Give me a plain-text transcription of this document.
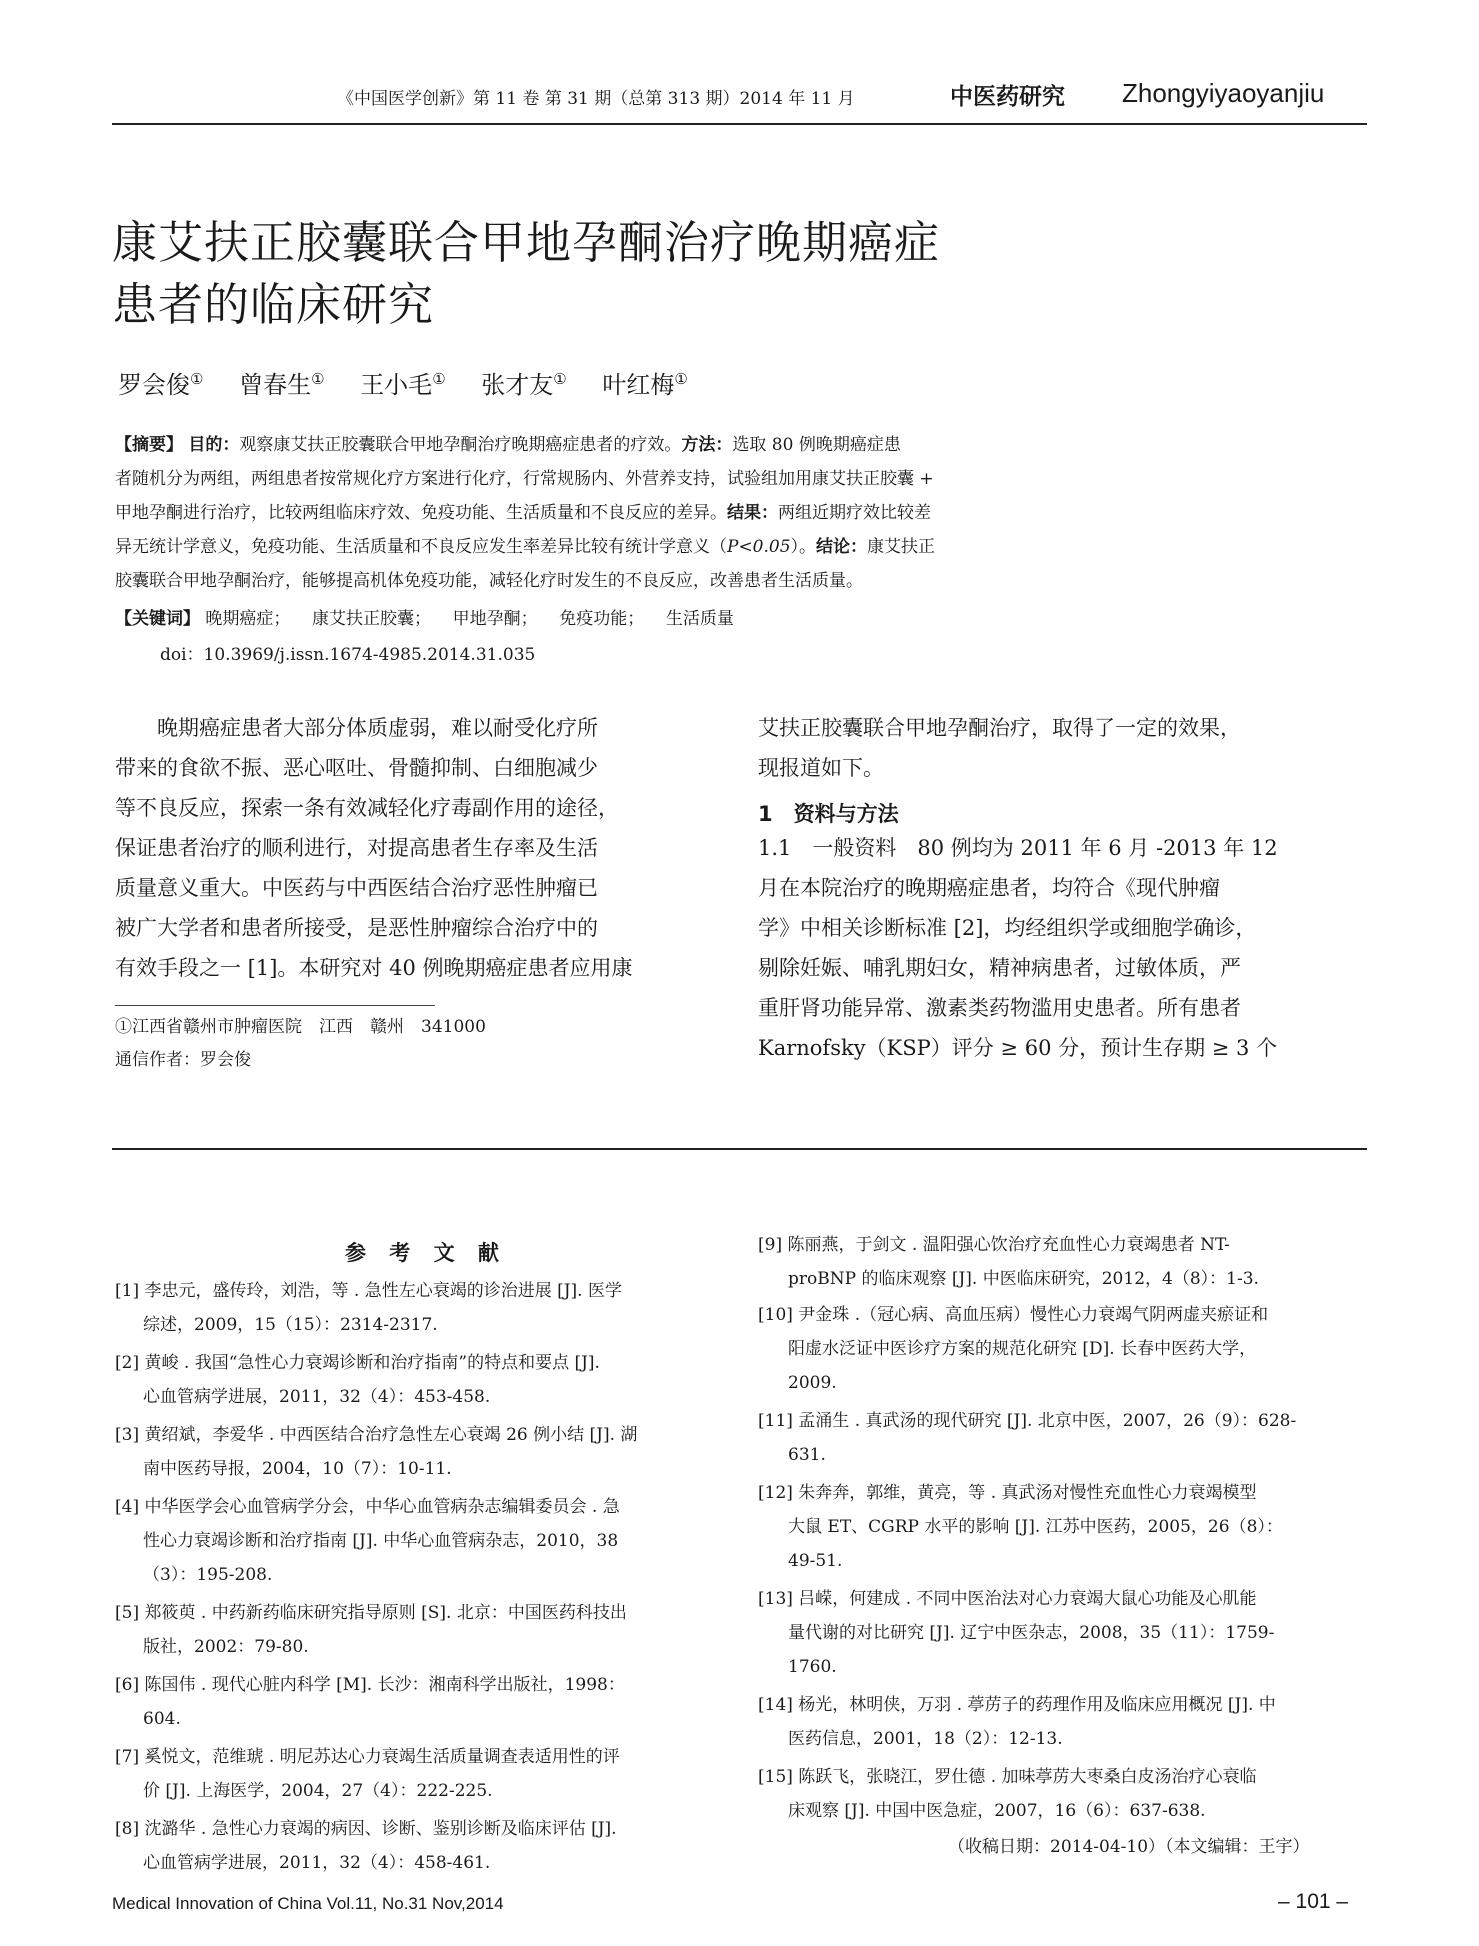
《中国医学创新》第 11 卷 第 31 期（总第 313 期）2014 年 11 月	中医药研究 Zhongyiyaoyanjiu
康艾扶正胶囊联合甲地孕酮治疗晚期癌症
患者的临床研究
罗会俊① 曾春生① 王小毛① 张才友① 叶红梅①
【摘要】 目的：观察康艾扶正胶囊联合甲地孕酮治疗晚期癌症患者的疗效。方法：选取 80 例晚期癌症患
者随机分为两组，两组患者按常规化疗方案进行化疗，行常规肠内、外营养支持，试验组加用康艾扶正胶囊 +
甲地孕酮进行治疗，比较两组临床疗效、免疫功能、生活质量和不良反应的差异。结果：两组近期疗效比较差
异无统计学意义，免疫功能、生活质量和不良反应发生率差异比较有统计学意义（P<0.05）。结论：康艾扶正
胶囊联合甲地孕酮治疗，能够提高机体免疫功能，减轻化疗时发生的不良反应，改善患者生活质量。
【关键词】 晚期癌症； 康艾扶正胶囊； 甲地孕酮； 免疫功能； 生活质量
doi：10.3969/j.issn.1674-4985.2014.31.035
　　晚期癌症患者大部分体质虚弱，难以耐受化疗所
带来的食欲不振、恶心呕吐、骨髓抑制、白细胞减少
等不良反应，探索一条有效减轻化疗毒副作用的途径，
保证患者治疗的顺利进行，对提高患者生存率及生活
质量意义重大。中医药与中西医结合治疗恶性肿瘤已
被广大学者和患者所接受，是恶性肿瘤综合治疗中的
有效手段之一 [1]。本研究对 40 例晚期癌症患者应用康
①江西省赣州市肿瘤医院　江西　赣州　341000
通信作者：罗会俊
艾扶正胶囊联合甲地孕酮治疗，取得了一定的效果，
现报道如下。
1　资料与方法
1.1　一般资料　80 例均为 2011 年 6 月 -2013 年 12
月在本院治疗的晚期癌症患者，均符合《现代肿瘤
学》中相关诊断标准 [2]，均经组织学或细胞学确诊，
剔除妊娠、哺乳期妇女，精神病患者，过敏体质，严
重肝肾功能异常、激素类药物滥用史患者。所有患者
Karnofsky（KSP）评分 ≥ 60 分，预计生存期 ≥ 3 个
参 考 文 献
[1] 李忠元，盛传玲，刘浩，等 . 急性左心衰竭的诊治进展 [J]. 医学
综述，2009，15（15）：2314-2317.
[2] 黄峻 . 我国“急性心力衰竭诊断和治疗指南”的特点和要点 [J].
心血管病学进展，2011，32（4）：453-458.
[3] 黄绍斌，李爱华 . 中西医结合治疗急性左心衰竭 26 例小结 [J]. 湖
南中医药导报，2004，10（7）：10-11.
[4] 中华医学会心血管病学分会，中华心血管病杂志编辑委员会 . 急
性心力衰竭诊断和治疗指南 [J]. 中华心血管病杂志，2010，38
（3）：195-208.
[5] 郑筱萸 . 中药新药临床研究指导原则 [S]. 北京：中国医药科技出
版社，2002：79-80.
[6] 陈国伟 . 现代心脏内科学 [M]. 长沙：湘南科学出版社，1998：
604.
[7] 奚悦文，范维琥 . 明尼苏达心力衰竭生活质量调查表适用性的评
价 [J]. 上海医学，2004，27（4）：222-225.
[8] 沈潞华 . 急性心力衰竭的病因、诊断、鉴别诊断及临床评估 [J].
心血管病学进展，2011，32（4）：458-461.
[9] 陈丽燕，于剑文 . 温阳强心饮治疗充血性心力衰竭患者 NT-
proBNP 的临床观察 [J]. 中医临床研究，2012，4（8）：1-3.
[10] 尹金珠 .（冠心病、高血压病）慢性心力衰竭气阴两虚夹瘀证和
阳虚水泛证中医诊疗方案的规范化研究 [D]. 长春中医药大学，
2009.
[11] 孟涌生 . 真武汤的现代研究 [J]. 北京中医，2007，26（9）：628-
631.
[12] 朱奔奔，郭维，黄亮，等 . 真武汤对慢性充血性心力衰竭模型
大鼠 ET、CGRP 水平的影响 [J]. 江苏中医药，2005，26（8）：
49-51.
[13] 吕嵘，何建成 . 不同中医治法对心力衰竭大鼠心功能及心肌能
量代谢的对比研究 [J]. 辽宁中医杂志，2008，35（11）：1759-
1760.
[14] 杨光，林明侠，万羽 . 葶苈子的药理作用及临床应用概况 [J]. 中
医药信息，2001，18（2）：12-13.
[15] 陈跃飞，张晓江，罗仕德 . 加味葶苈大枣桑白皮汤治疗心衰临
床观察 [J]. 中国中医急症，2007，16（6）：637-638.
（收稿日期：2014-04-10）（本文编辑：王宇）
Medical Innovation of China Vol.11, No.31 Nov,2014	– 101 –
